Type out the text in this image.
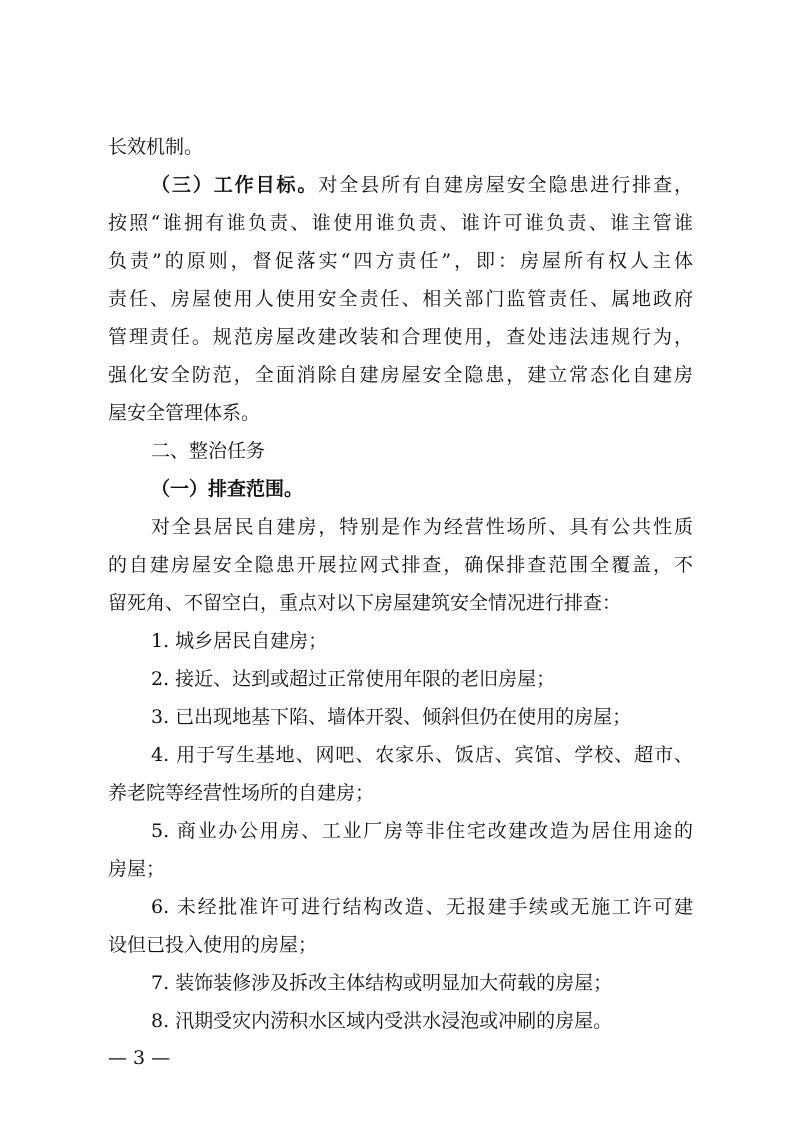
长效机制。
（三）工作目标。对全县所有自建房屋安全隐患进行排查，
按照“谁拥有谁负责、谁使用谁负责、谁许可谁负责、谁主管谁
负责”的原则，督促落实“四方责任”，即：房屋所有权人主体
责任、房屋使用人使用安全责任、相关部门监管责任、属地政府
管理责任。规范房屋改建改装和合理使用，查处违法违规行为，
强化安全防范，全面消除自建房屋安全隐患，建立常态化自建房
屋安全管理体系。
二、整治任务
（一）排查范围。
对全县居民自建房，特别是作为经营性场所、具有公共性质
的自建房屋安全隐患开展拉网式排查，确保排查范围全覆盖，不
留死角、不留空白，重点对以下房屋建筑安全情况进行排查：
1. 城乡居民自建房；
2. 接近、达到或超过正常使用年限的老旧房屋；
3. 已出现地基下陷、墙体开裂、倾斜但仍在使用的房屋；
4. 用于写生基地、网吧、农家乐、饭店、宾馆、学校、超市、
养老院等经营性场所的自建房；
5. 商业办公用房、工业厂房等非住宅改建改造为居住用途的
房屋；
6. 未经批准许可进行结构改造、无报建手续或无施工许可建
设但已投入使用的房屋；
7. 装饰装修涉及拆改主体结构或明显加大荷载的房屋；
8. 汛期受灾内涝积水区域内受洪水浸泡或冲刷的房屋。
— 3 —
